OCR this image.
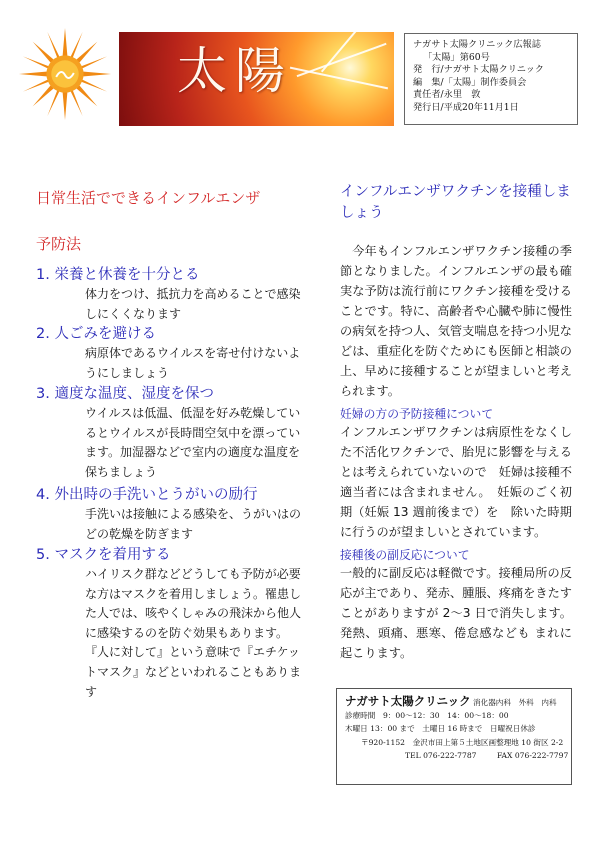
太陽	ナガサト太陽クリニック広報誌
「太陽」第60号
発　行/ナガサト太陽クリニック
編　集/「太陽」制作委員会
責任者/永里　敦
発行日/平成20年11月1日
日常生活でできるインフルエンザ
予防法
1. 栄養と休養を十分とる
体力をつけ、抵抗力を高めることで感染しにくくなります
2. 人ごみを避ける
病原体であるウイルスを寄せ付けないようにしましょう
3. 適度な温度、湿度を保つ
ウイルスは低温、低湿を好み乾燥しているとウイルスが長時間空気中を漂っています。加湿器などで室内の適度な温度を保ちましょう
4. 外出時の手洗いとうがいの励行
手洗いは接触による感染を、うがいはのどの乾燥を防ぎます
5. マスクを着用する
ハイリスク群などどうしても予防が必要な方はマスクを着用しましょう。罹患した人では、咳やくしゃみの飛沫から他人に感染するのを防ぐ効果もあります。『人に対して』という意味で『エチケットマスク』などといわれることもあります
インフルエンザワクチンを接種しましょう
　今年もインフルエンザワクチン接種の季節となりました。インフルエンザの最も確実な予防は流行前にワクチン接種を受けることです。特に、高齢者や心臓や肺に慢性の病気を持つ人、気管支喘息を持つ小児などは、重症化を防ぐためにも医師と相談の上、早めに接種することが望ましいと考えられます。
妊婦の方の予防接種について
インフルエンザワクチンは病原性をなくした不活化ワクチンで、胎児に影響を与えるとは考えられていないので　妊婦は接種不適当者には含まれません。　妊娠のごく初期（妊娠 13 週前後まで）を　除いた時期に行うのが望ましいとされています。
接種後の副反応について
一般的に副反応は軽微です。接種局所の反応が主であり、発赤、腫脹、疼痛をきたすことがありますが 2〜3 日で消失します。発熱、頭痛、悪寒、倦怠感なども まれに起こります。
ナガサト太陽クリニック 消化器内科　外科　内科
診療時間　9：00〜12：30　14：00〜18：00
木曜日 13：00 まで　土曜日 16 時まで　日曜祝日休診
〒920-1152　金沢市田上第５土地区画整理地 10 街区 2-2
TEL 076-222-7787	FAX 076-222-7797
